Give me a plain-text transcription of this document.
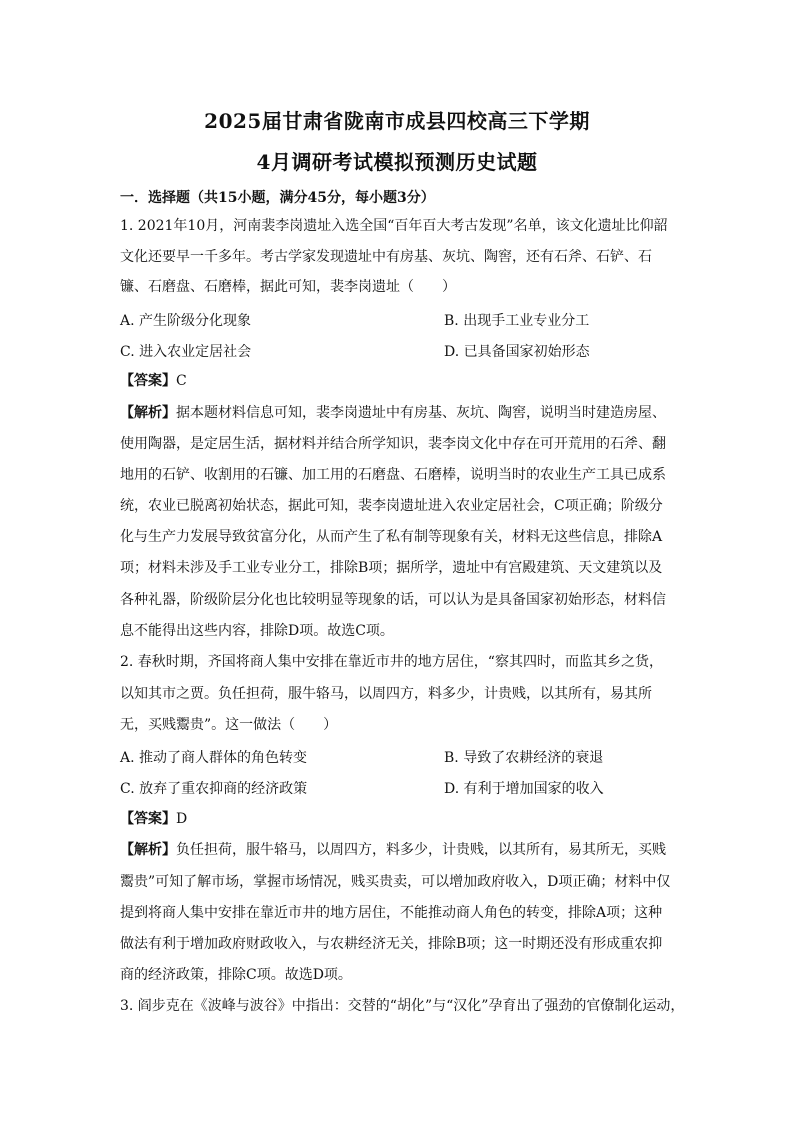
2025届甘肃省陇南市成县四校高三下学期
4月调研考试模拟预测历史试题
一．选择题（共15小题，满分45分，每小题3分）
1. 2021年10月，河南裴李岗遗址入选全国“百年百大考古发现”名单，该文化遗址比仰韶
文化还要早一千多年。考古学家发现遗址中有房基、灰坑、陶窖，还有石斧、石铲、石
镰、石磨盘、石磨棒，据此可知，裴李岗遗址（　　）
A. 产生阶级分化现象	B. 出现手工业专业分工
C. 进入农业定居社会	D. 已具备国家初始形态
【答案】C
【解析】据本题材料信息可知，裴李岗遗址中有房基、灰坑、陶窖，说明当时建造房屋、
使用陶器，是定居生活，据材料并结合所学知识，裴李岗文化中存在可开荒用的石斧、翻
地用的石铲、收割用的石镰、加工用的石磨盘、石磨棒，说明当时的农业生产工具已成系
统，农业已脱离初始状态，据此可知，裴李岗遗址进入农业定居社会，C项正确；阶级分
化与生产力发展导致贫富分化，从而产生了私有制等现象有关，材料无这些信息，排除A
项；材料未涉及手工业专业分工，排除B项；据所学，遗址中有宫殿建筑、天文建筑以及
各种礼器，阶级阶层分化也比较明显等现象的话，可以认为是具备国家初始形态，材料信
息不能得出这些内容，排除D项。故选C项。
2. 春秋时期，齐国将商人集中安排在靠近市井的地方居住，“察其四时，而监其乡之货，
以知其市之贾。负任担荷，服牛辂马，以周四方，料多少，计贵贱，以其所有，易其所
无，买贱鬻贵”。这一做法（　　）
A. 推动了商人群体的角色转变	B. 导致了农耕经济的衰退
C. 放弃了重农抑商的经济政策	D. 有利于增加国家的收入
【答案】D
【解析】负任担荷，服牛辂马，以周四方，料多少，计贵贱，以其所有，易其所无，买贱
鬻贵”可知了解市场，掌握市场情况，贱买贵卖，可以增加政府收入，D项正确；材料中仅
提到将商人集中安排在靠近市井的地方居住，不能推动商人角色的转变，排除A项；这种
做法有利于增加政府财政收入，与农耕经济无关，排除B项；这一时期还没有形成重农抑
商的经济政策，排除C项。故选D项。
3. 阎步克在《波峰与波谷》中指出：交替的“胡化”与“汉化”孕育出了强劲的官僚制化运动，
